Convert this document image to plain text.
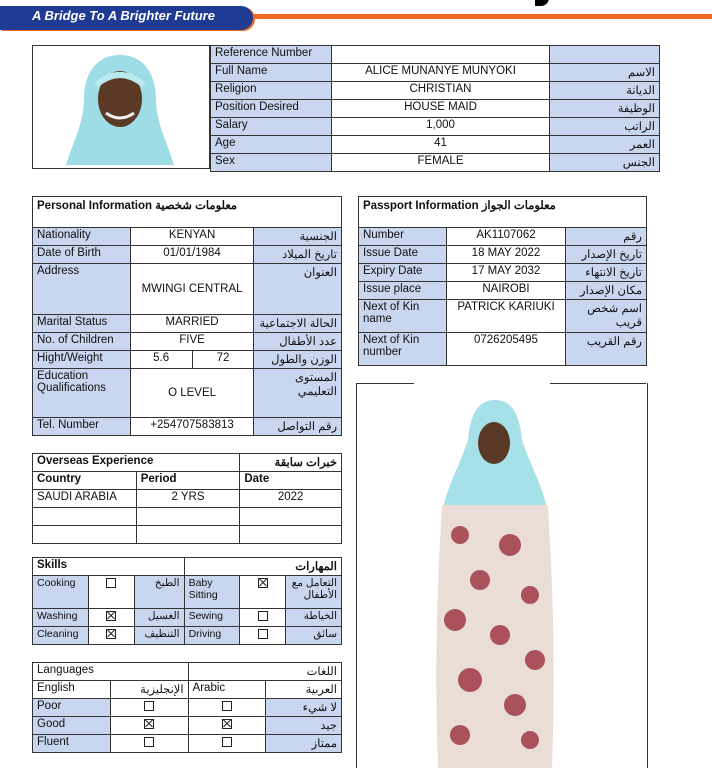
A Bridge To A Brighter Future
Reference Number		
Full Name	ALICE MUNANYE MUNYOKI	الاسم
Religion	CHRISTIAN	الديانة
Position Desired	HOUSE MAID	الوظيفة
Salary	1,000	الراتب
Age	41	العمر
Sex	FEMALE	الجنس
Personal Information معلومات شخصية			
Nationality	KENYAN		الجنسية
Date of Birth	01/01/1984		تاريخ الميلاد
Address	MWINGI CENTRAL		العنوان
Marital Status	MARRIED		الحالة الاجتماعية
No. of Children	FIVE		عدد الأطفال
Hight/Weight	5.6	72	الوزن والطول
Education Qualifications	O LEVEL		المستوى التعليمي
Tel. Number	+254707583813		رقم التواصل
Passport Information معلومات الجواز		
Number	AK1107062	رقم
Issue Date	18 MAY 2022	تاريخ الإصدار
Expiry Date	17 MAY 2032	تاريخ الانتهاء
Issue place	NAIROBI	مكان الإصدار
Next of Kin name	PATRICK KARIUKI	اسم شخص قريب
Next of Kin number	0726205495	رقم القريب
Overseas Experience		خبرات سابقة
Country	Period	Date
SAUDI ARABIA	2 YRS	2022

Skills			المهارات		
Cooking		الطبخ	Baby Sitting		التعامل مع الأطفال
Washing		الغسيل	Sewing		الخياطة
Cleaning		التنظيف	Driving		سائق
Languages		اللغات	
English	الإنجليزية	Arabic	العربية
Poor			لا شيء
Good			جيد
Fluent			ممتاز
